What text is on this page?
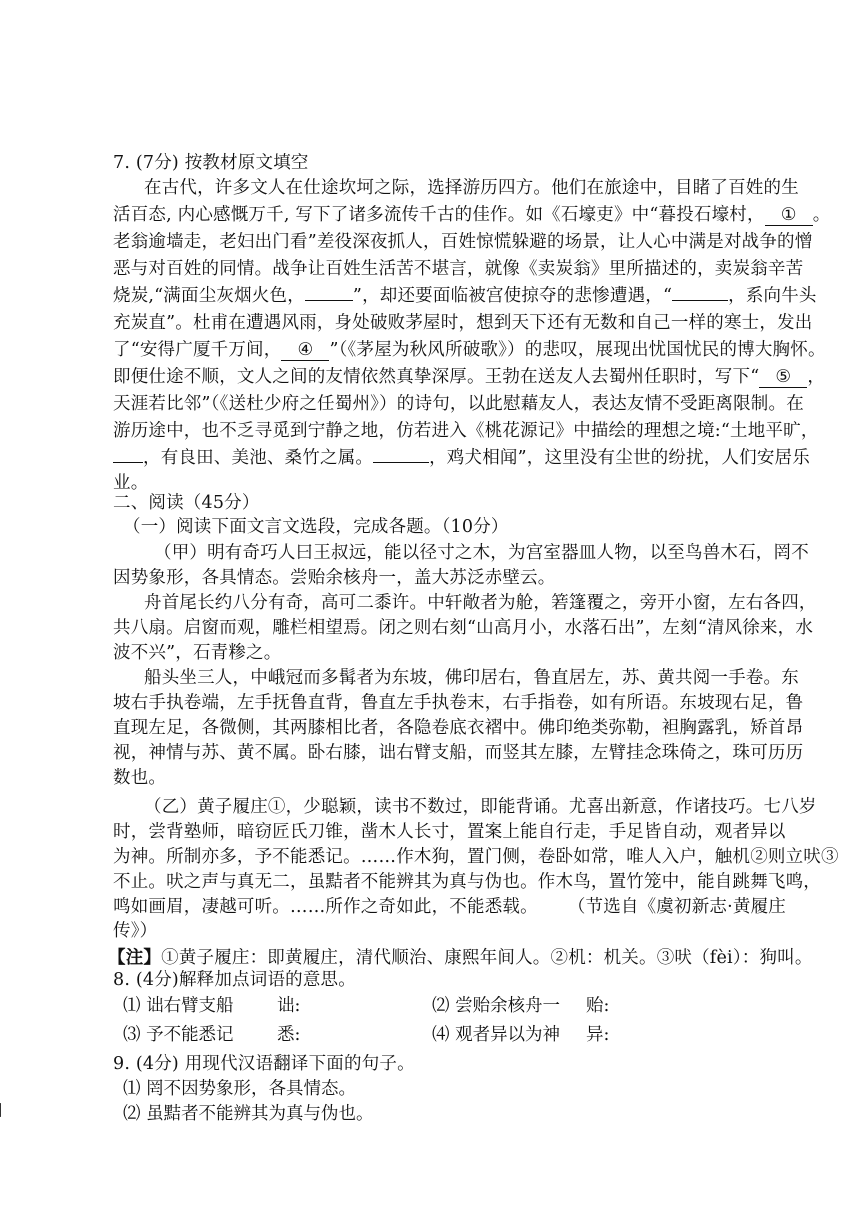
7. (7分) 按教材原文填空
在古代，许多文人在仕途坎坷之际，选择游历四方。他们在旅途中，目睹了百姓的生
活百态, 内心感慨万千, 写下了诸多流传千古的佳作。如《石壕吏》中“暮投石壕村， ① 。
老翁逾墙走，老妇出门看”差役深夜抓人，百姓惊慌躲避的场景，让人心中满是对战争的憎
恶与对百姓的同情。战争让百姓生活苦不堪言，就像《卖炭翁》里所描述的，卖炭翁辛苦
烧炭,“满面尘灰烟火色，	”，却还要面临被宫使掠夺的悲惨遭遇，“	，系向牛头
充炭直”。杜甫在遭遇风雨，身处破败茅屋时，想到天下还有无数和自己一样的寒士，发出
了“安得广厦千万间， ④ ”（《茅屋为秋风所破歌》）的悲叹，展现出忧国忧民的博大胸怀。
即便仕途不顺，文人之间的友情依然真挚深厚。王勃在送友人去蜀州任职时，写下“ ⑤ ，
天涯若比邻”（《送杜少府之任蜀州》）的诗句，以此慰藉友人，表达友情不受距离限制。在
游历途中，也不乏寻觅到宁静之地，仿若进入《桃花源记》中描绘的理想之境:“土地平旷，
，有良田、美池、桑竹之属。	，鸡犬相闻”，这里没有尘世的纷扰，人们安居乐
业。
二、阅读（45分）
（一）阅读下面文言文选段，完成各题。（10分）
（甲）明有奇巧人曰王叔远，能以径寸之木，为宫室器皿人物，以至鸟兽木石，罔不
因势象形，各具情态。尝贻余核舟一，盖大苏泛赤壁云。
舟首尾长约八分有奇，高可二黍许。中轩敞者为舱，箬篷覆之，旁开小窗，左右各四，
共八扇。启窗而观，雕栏相望焉。闭之则右刻“山高月小，水落石出”，左刻“清风徐来，水
波不兴”，石青糁之。
船头坐三人，中峨冠而多髯者为东坡，佛印居右，鲁直居左，苏、黄共阅一手卷。东
坡右手执卷端，左手抚鲁直背，鲁直左手执卷末，右手指卷，如有所语。东坡现右足，鲁
直现左足，各微侧，其两膝相比者，各隐卷底衣褶中。佛印绝类弥勒，袒胸露乳，矫首昂
视，神情与苏、黄不属。卧右膝，诎右臂支船，而竖其左膝，左臂挂念珠倚之，珠可历历
数也。
（乙）黄子履庄①，少聪颖，读书不数过，即能背诵。尤喜出新意，作诸技巧。七八岁
时，尝背塾师，暗窃匠氏刀锥，凿木人长寸，置案上能自行走，手足皆自动，观者异以
为神。所制亦多，予不能悉记。……作木狗，置门侧，卷卧如常，唯人入户，触机②则立吠③
不止。吠之声与真无二，虽黠者不能辨其为真与伪也。作木鸟，置竹笼中，能自跳舞飞鸣，
鸣如画眉，凄越可听。……所作之奇如此，不能悉载。 （节选自《虞初新志·黄履庄
传》）
【注】①黄子履庄：即黄履庄，清代顺治、康熙年间人。②机：机关。③吠（fèi）：狗叫。
8. (4分)解释加点词语的意思。
⑴ 诎右臂支船 诎:	⑵ 尝贻余核舟一 贻:
⑶ 予不能悉记 悉:	⑷ 观者异以为神 异:
9. (4分) 用现代汉语翻译下面的句子。
⑴ 罔不因势象形，各具情态。
⑵ 虽黠者不能辨其为真与伪也。
